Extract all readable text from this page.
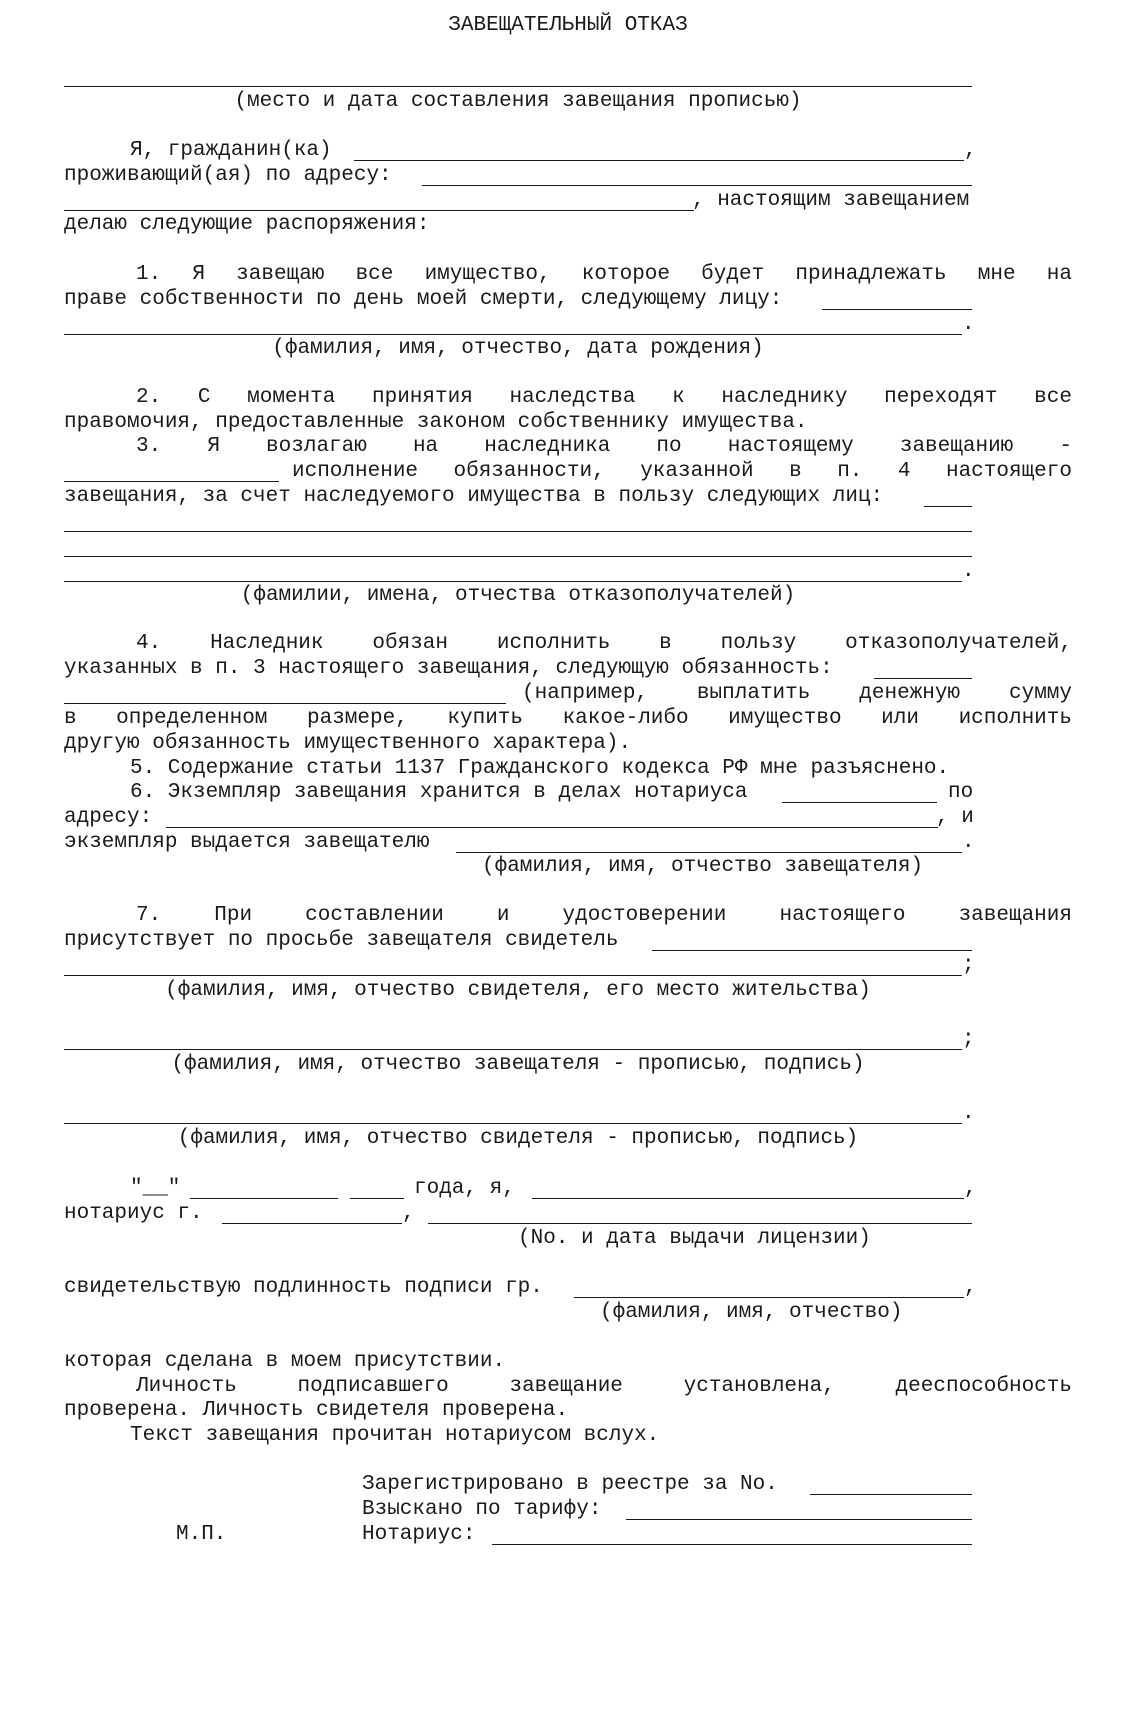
ЗАВЕЩАТЕЛЬНЫЙ ОТКАЗ
(место и дата составления завещания прописью)
Я, гражданин(ка)	,
проживающий(ая) по адресу:
, настоящим завещанием
делаю следующие распоряжения:
1. Я завещаю все имущество, которое будет принадлежать мне на
праве собственности по день моей смерти, следующему лицу:
.
(фамилия, имя, отчество, дата рождения)
2. С момента принятия наследства к наследнику переходят все
правомочия, предоставленные законом собственнику имущества.
3. Я возлагаю на наследника по настоящему завещанию -
исполнение обязанности, указанной в п. 4 настоящего
завещания, за счет наследуемого имущества в пользу следующих лиц:
.
(фамилии, имена, отчества отказополучателей)
4. Наследник обязан исполнить в пользу отказополучателей,
указанных в п. 3 настоящего завещания, следующую обязанность:
(например, выплатить денежную сумму
в определенном размере, купить какое-либо имущество или исполнить
другую обязанность имущественного характера).
5. Содержание статьи 1137 Гражданского кодекса РФ мне разъяснено.
6. Экземпляр завещания хранится в делах нотариуса	по
адресу:	, и
экземпляр выдается завещателю	.
(фамилия, имя, отчество завещателя)
7. При составлении и удостоверении настоящего завещания
присутствует по просьбе завещателя свидетель
;
(фамилия, имя, отчество свидетеля, его место жительства)
;
(фамилия, имя, отчество завещателя - прописью, подпись)
.
(фамилия, имя, отчество свидетеля - прописью, подпись)
"__"	года, я,	,
нотариус г.	,
(No. и дата выдачи лицензии)
свидетельствую подлинность подписи гр.	,
(фамилия, имя, отчество)
которая сделана в моем присутствии.
Личность подписавшего завещание установлена, дееспособность
проверена. Личность свидетеля проверена.
Текст завещания прочитан нотариусом вслух.
Зарегистрировано в реестре за No.
Взыскано по тарифу:
М.П.	Нотариус:
